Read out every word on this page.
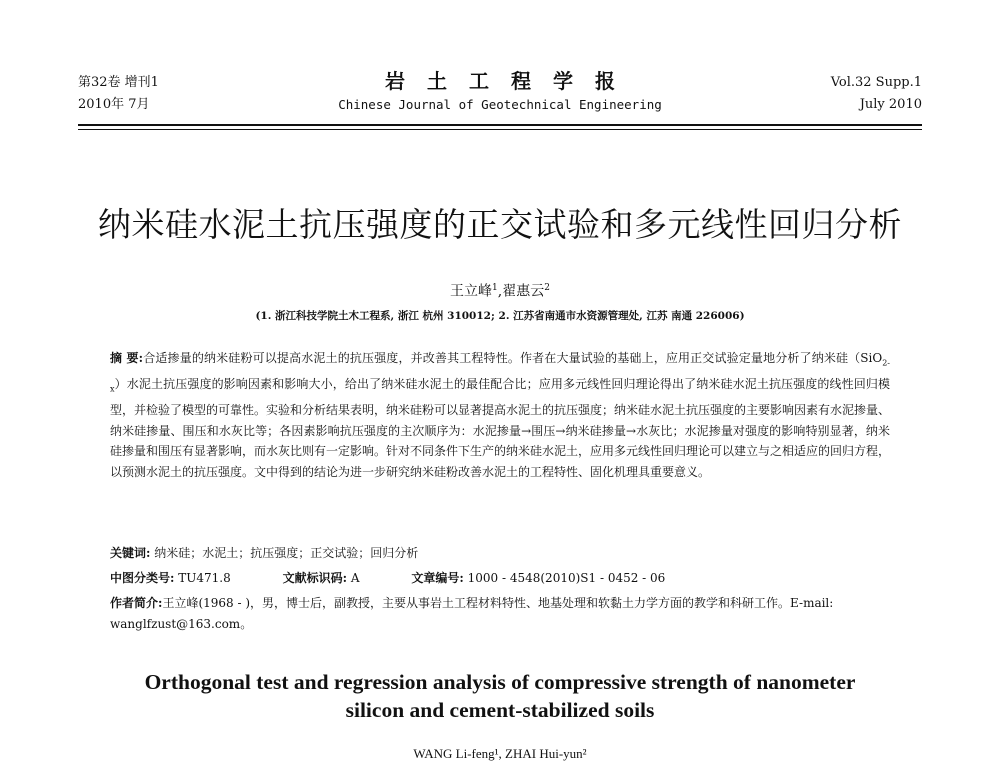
第32卷 增刊1
2010年 7月
岩土工程学报
Chinese Journal of Geotechnical Engineering
Vol.32 Supp.1
July 2010
纳米硅水泥土抗压强度的正交试验和多元线性回归分析
王立峰$^1$,翟惠云$^2$
(1. 浙江科技学院土木工程系, 浙江 杭州 310012; 2. 江苏省南通市水资源管理处, 江苏 南通 226006)

摘 要:合适掺量的纳米硅粉可以提高水泥土的抗压强度，并改善其工程特性。作者在大量试验的基础上，应用正交试验定量地分析了纳米硅（SiO$_{2-x}$）水泥土抗压强度的影响因素和影响大小，给出了纳米硅水泥土的最佳配合比；应用多元线性回归理论得出了纳米硅水泥土抗压强度的线性回归模型，并检验了模型的可靠性。实验和分析结果表明，纳米硅粉可以显著提高水泥土的抗压强度；纳米硅水泥土抗压强度的主要影响因素有水泥掺量、纳米硅掺量、围压和水灰比等；各因素影响抗压强度的主次顺序为：水泥掺量→围压→纳米硅掺量→水灰比；水泥掺量对强度的影响特别显著，纳米硅掺量和围压有显著影响，而水灰比则有一定影响。针对不同条件下生产的纳米硅水泥土，应用多元线性回归理论可以建立与之相适应的回归方程，以预测水泥土的抗压强度。文中得到的结论为进一步研究纳米硅粉改善水泥土的工程特性、固化机理具重要意义。

关键词: 纳米硅；水泥土；抗压强度；正交试验；回归分析
中图分类号: TU471.8	文献标识码: A	文章编号: 1000 - 4548(2010)S1 - 0452 - 06
作者简介:王立峰(1968 - )，男，博士后，副教授，主要从事岩土工程材料特性、地基处理和软黏土力学方面的教学和科研工作。E-mail: wanglfzust@163.com。
Orthogonal test and regression analysis of compressive strength of nanometer
silicon and cement-stabilized soils
WANG Li-feng¹, ZHAI Hui-yun²
